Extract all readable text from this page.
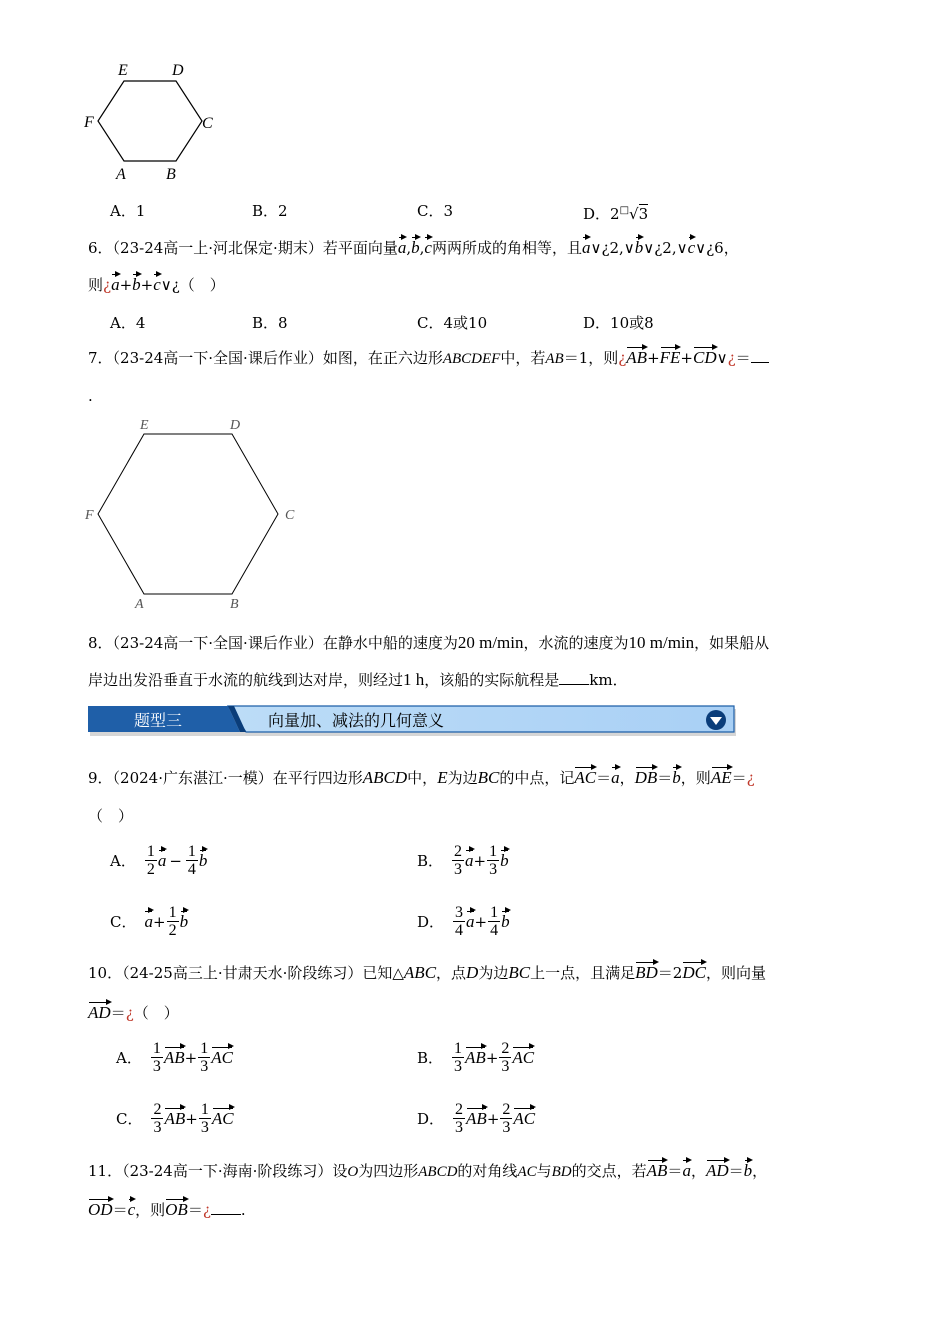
E	D
F	C
A	B
A．1	B．2	C．3	D．2□√3
6．（23-24高一上·河北保定·期末）若平面向量a,b,c两两所成的角相等，且a∨¿2,∨b∨¿2,∨c∨¿6，
则¿a+b+c∨¿（　）
A．4	B．8	C．4或10	D．10或8
7．（23-24高一下·全国·课后作业）如图，在正六边形ABCDEF中，若AB＝1，则¿AB+FE+CD∨¿＝
.
E	D
F	C
A	B
8．（23-24高一下·全国·课后作业）在静水中船的速度为20 m/min，水流的速度为10 m/min，如果船从
岸边出发沿垂直于水流的航线到达对岸，则经过1 h，该船的实际航程是 km．
题型三	向量加、减法的几何意义
9．（2024·广东湛江·一模）在平行四边形ABCD中，E为边BC的中点，记AC＝a，DB＝b，则AE＝¿
（　）
A． $\frac{1}{2}$ $a - \frac{1}{4}$ b	B． $\frac{2}{3}$ $a + \frac{1}{3}$ b
C． $a + \frac{1}{2}$ b	D． $\frac{3}{4}$ $a + \frac{1}{4}$ b
10．（24-25高三上·甘肃天水·阶段练习）已知△ABC，点D为边BC上一点，且满足BD＝2DC，则向量
AD＝¿（　）
A． $\frac{1}{3}$ AB + $\frac{1}{3}$ AC	B． $\frac{1}{3}$ AB + $\frac{2}{3}$ AC
C． $\frac{2}{3}$ AB + $\frac{1}{3}$ AC	D． $\frac{2}{3}$ AB + $\frac{2}{3}$ AC
11．（23-24高一下·海南·阶段练习）设O为四边形ABCD的对角线AC与BD的交点，若AB＝a，AD＝b，
OD＝c，则OB＝¿ .
